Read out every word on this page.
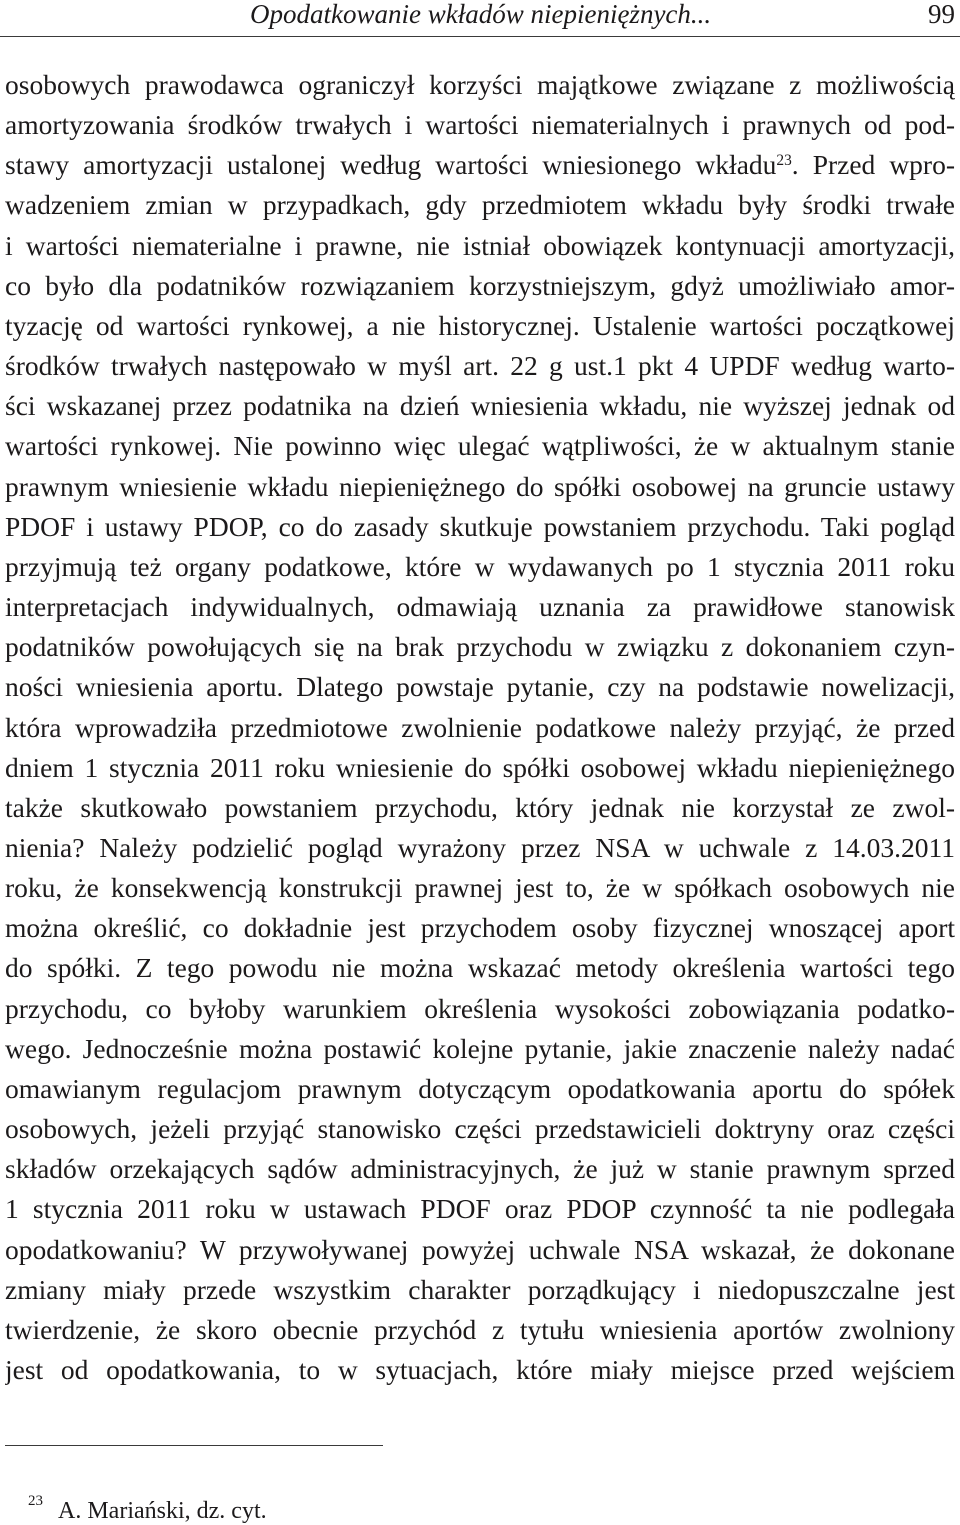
Opodatkowanie wkładów niepieniężnych...	99
osobowych prawodawca ograniczył korzyści majątkowe związane z możliwością
amortyzowania środków trwałych i wartości niematerialnych i prawnych od pod-
stawy amortyzacji ustalonej według wartości wniesionego wkładu$^{23}$. Przed wpro-
wadzeniem zmian w przypadkach, gdy przedmiotem wkładu były środki trwałe
i wartości niematerialne i prawne, nie istniał obowiązek kontynuacji amortyzacji,
co było dla podatników rozwiązaniem korzystniejszym, gdyż umożliwiało amor-
tyzację od wartości rynkowej, a nie historycznej. Ustalenie wartości początkowej
środków trwałych następowało w myśl art. 22 g ust.1 pkt 4 UPDF według warto-
ści wskazanej przez podatnika na dzień wniesienia wkładu, nie wyższej jednak od
wartości rynkowej. Nie powinno więc ulegać wątpliwości, że w aktualnym stanie
prawnym wniesienie wkładu niepieniężnego do spółki osobowej na gruncie ustawy
PDOF i ustawy PDOP, co do zasady skutkuje powstaniem przychodu. Taki pogląd
przyjmują też organy podatkowe, które w wydawanych po 1 stycznia 2011 roku
interpretacjach indywidualnych, odmawiają uznania za prawidłowe stanowisk
podatników powołujących się na brak przychodu w związku z dokonaniem czyn-
ności wniesienia aportu. Dlatego powstaje pytanie, czy na podstawie nowelizacji,
która wprowadziła przedmiotowe zwolnienie podatkowe należy przyjąć, że przed
dniem 1 stycznia 2011 roku wniesienie do spółki osobowej wkładu niepieniężnego
także skutkowało powstaniem przychodu, który jednak nie korzystał ze zwol-
nienia? Należy podzielić pogląd wyrażony przez NSA w uchwale z 14.03.2011
roku, że konsekwencją konstrukcji prawnej jest to, że w spółkach osobowych nie
można określić, co dokładnie jest przychodem osoby fizycznej wnoszącej aport
do spółki. Z tego powodu nie można wskazać metody określenia wartości tego
przychodu, co byłoby warunkiem określenia wysokości zobowiązania podatko-
wego. Jednocześnie można postawić kolejne pytanie, jakie znaczenie należy nadać
omawianym regulacjom prawnym dotyczącym opodatkowania aportu do spółek
osobowych, jeżeli przyjąć stanowisko części przedstawicieli doktryny oraz części
składów orzekających sądów administracyjnych, że już w stanie prawnym sprzed
1 stycznia 2011 roku w ustawach PDOF oraz PDOP czynność ta nie podlegała
opodatkowaniu? W przywoływanej powyżej uchwale NSA wskazał, że dokonane
zmiany miały przede wszystkim charakter porządkujący i niedopuszczalne jest
twierdzenie, że skoro obecnie przychód z tytułu wniesienia aportów zwolniony
jest od opodatkowania, to w sytuacjach, które miały miejsce przed wejściem
23 A. Mariański, dz. cyt.
